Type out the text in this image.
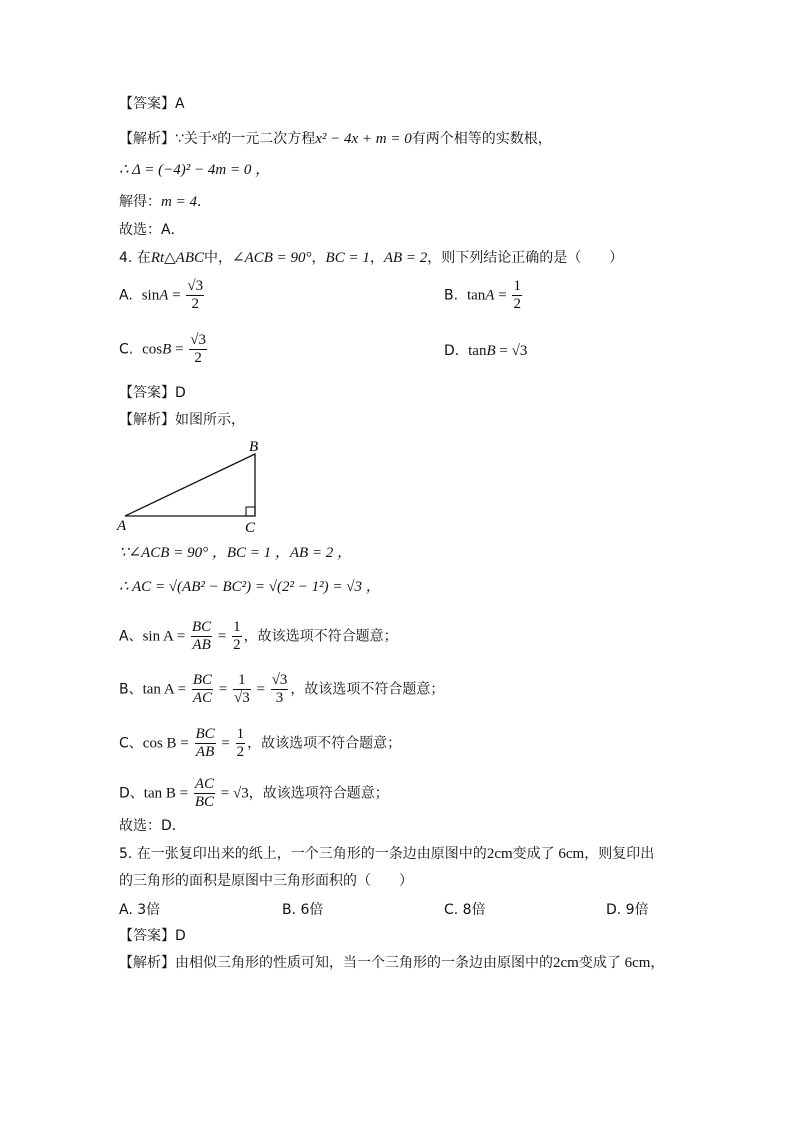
【答案】A
【解析】∵关于x的一元二次方程x² − 4x + m = 0有两个相等的实数根，
∴ Δ = (−4)² − 4m = 0 ，
解得：m = 4．
故选：A．
4. 在Rt△ABC中，∠ACB = 90°，BC = 1，AB = 2，则下列结论正确的是（　　）
A. $\sin A = \frac{√3}{2}$	B. $\tan A = \frac{1}{2}$
C. $\cos B = \frac{√3}{2}$	D. tanB = √3
【答案】D
【解析】如图所示，
A
B
C
∵∠ACB = 90° ，BC = 1 ，AB = 2 ，
∴ AC = √(AB² − BC²) = √(2² − 1²) = √3 ，
A、$\sin A = \frac{BC}{AB} = \frac{1}{2}$ ，故该选项不符合题意；
B、$\tan A = \frac{BC}{AC} = \frac{1}{√3} = \frac{√3}{3}$ ，故该选项不符合题意；
C、$\cos B = \frac{BC}{AB} = \frac{1}{2}$ ，故该选项不符合题意；
D、$\tan B = \frac{AC}{BC} = √3$，故该选项符合题意；
故选：D．
5. 在一张复印出来的纸上，一个三角形的一条边由原图中的2cm变成了 6cm，则复印出
的三角形的面积是原图中三角形面积的（　　）
A. 3倍	B. 6倍	C. 8倍	D. 9倍
【答案】D
【解析】由相似三角形的性质可知，当一个三角形的一条边由原图中的2cm变成了 6cm，
